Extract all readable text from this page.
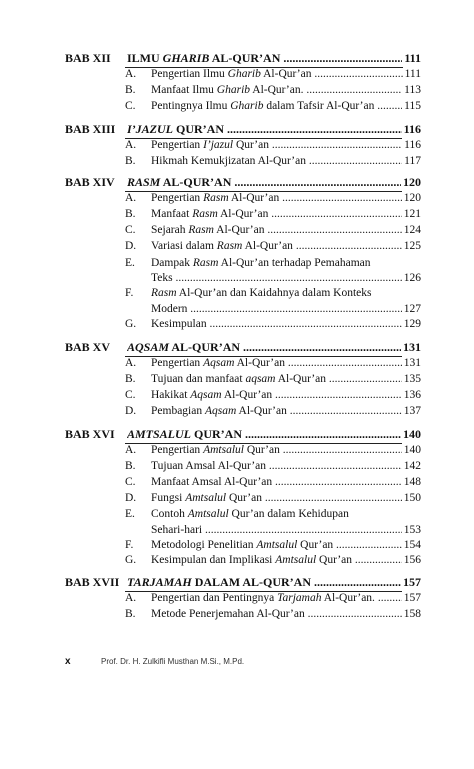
BAB XII ILMU GHARIB AL-QUR’AN .....	111
A. Pengertian Ilmu Gharib Al-Qur’an .....	111
B. Manfaat Ilmu Gharib Al-Qur’an. .....	113
C. Pentingnya Ilmu Gharib dalam Tafsir Al-Qur’an .....	115
BAB XIII I’JAZUL QUR’AN .....	116
A. Pengertian I’jazul Qur’an .....	116
B. Hikmah Kemukjizatan Al-Qur’an .....	117
BAB XIV RASM AL-QUR’AN .....	120
A. Pengertian Rasm Al-Qur’an .....	120
B. Manfaat Rasm Al-Qur’an .....	121
C. Sejarah Rasm Al-Qur’an .....	124
D. Variasi dalam Rasm Al-Qur’an .....	125
E. Dampak Rasm Al-Qur’an terhadap Pemahaman
Teks .....	126
F. Rasm Al-Qur’an dan Kaidahnya dalam Konteks
Modern .....	127
G. Kesimpulan .....	129
BAB XV AQSAM AL-QUR’AN .....	131
A. Pengertian Aqsam Al-Qur’an .....	131
B. Tujuan dan manfaat aqsam Al-Qur’an .....	135
C. Hakikat Aqsam Al-Qur’an .....	136
D. Pembagian Aqsam Al-Qur’an .....	137
BAB XVI AMTSALUL QUR’AN .....	140
A. Pengertian Amtsalul Qur’an .....	140
B. Tujuan Amsal Al-Qur’an .....	142
C. Manfaat Amsal Al-Qur’an .....	148
D. Fungsi Amtsalul Qur’an .....	150
E. Contoh Amtsalul Qur’an dalam Kehidupan
Sehari-hari .....	153
F. Metodologi Penelitian Amtsalul Qur’an .....	154
G. Kesimpulan dan Implikasi Amtsalul Qur’an .....	156
BAB XVII TARJAMAH DALAM AL-QUR’AN .....	157
A. Pengertian dan Pentingnya Tarjamah Al-Qur’an. .....	157
B. Metode Penerjemahan Al-Qur’an .....	158
x	Prof. Dr. H. Zulkifli Musthan M.Si., M.Pd.
